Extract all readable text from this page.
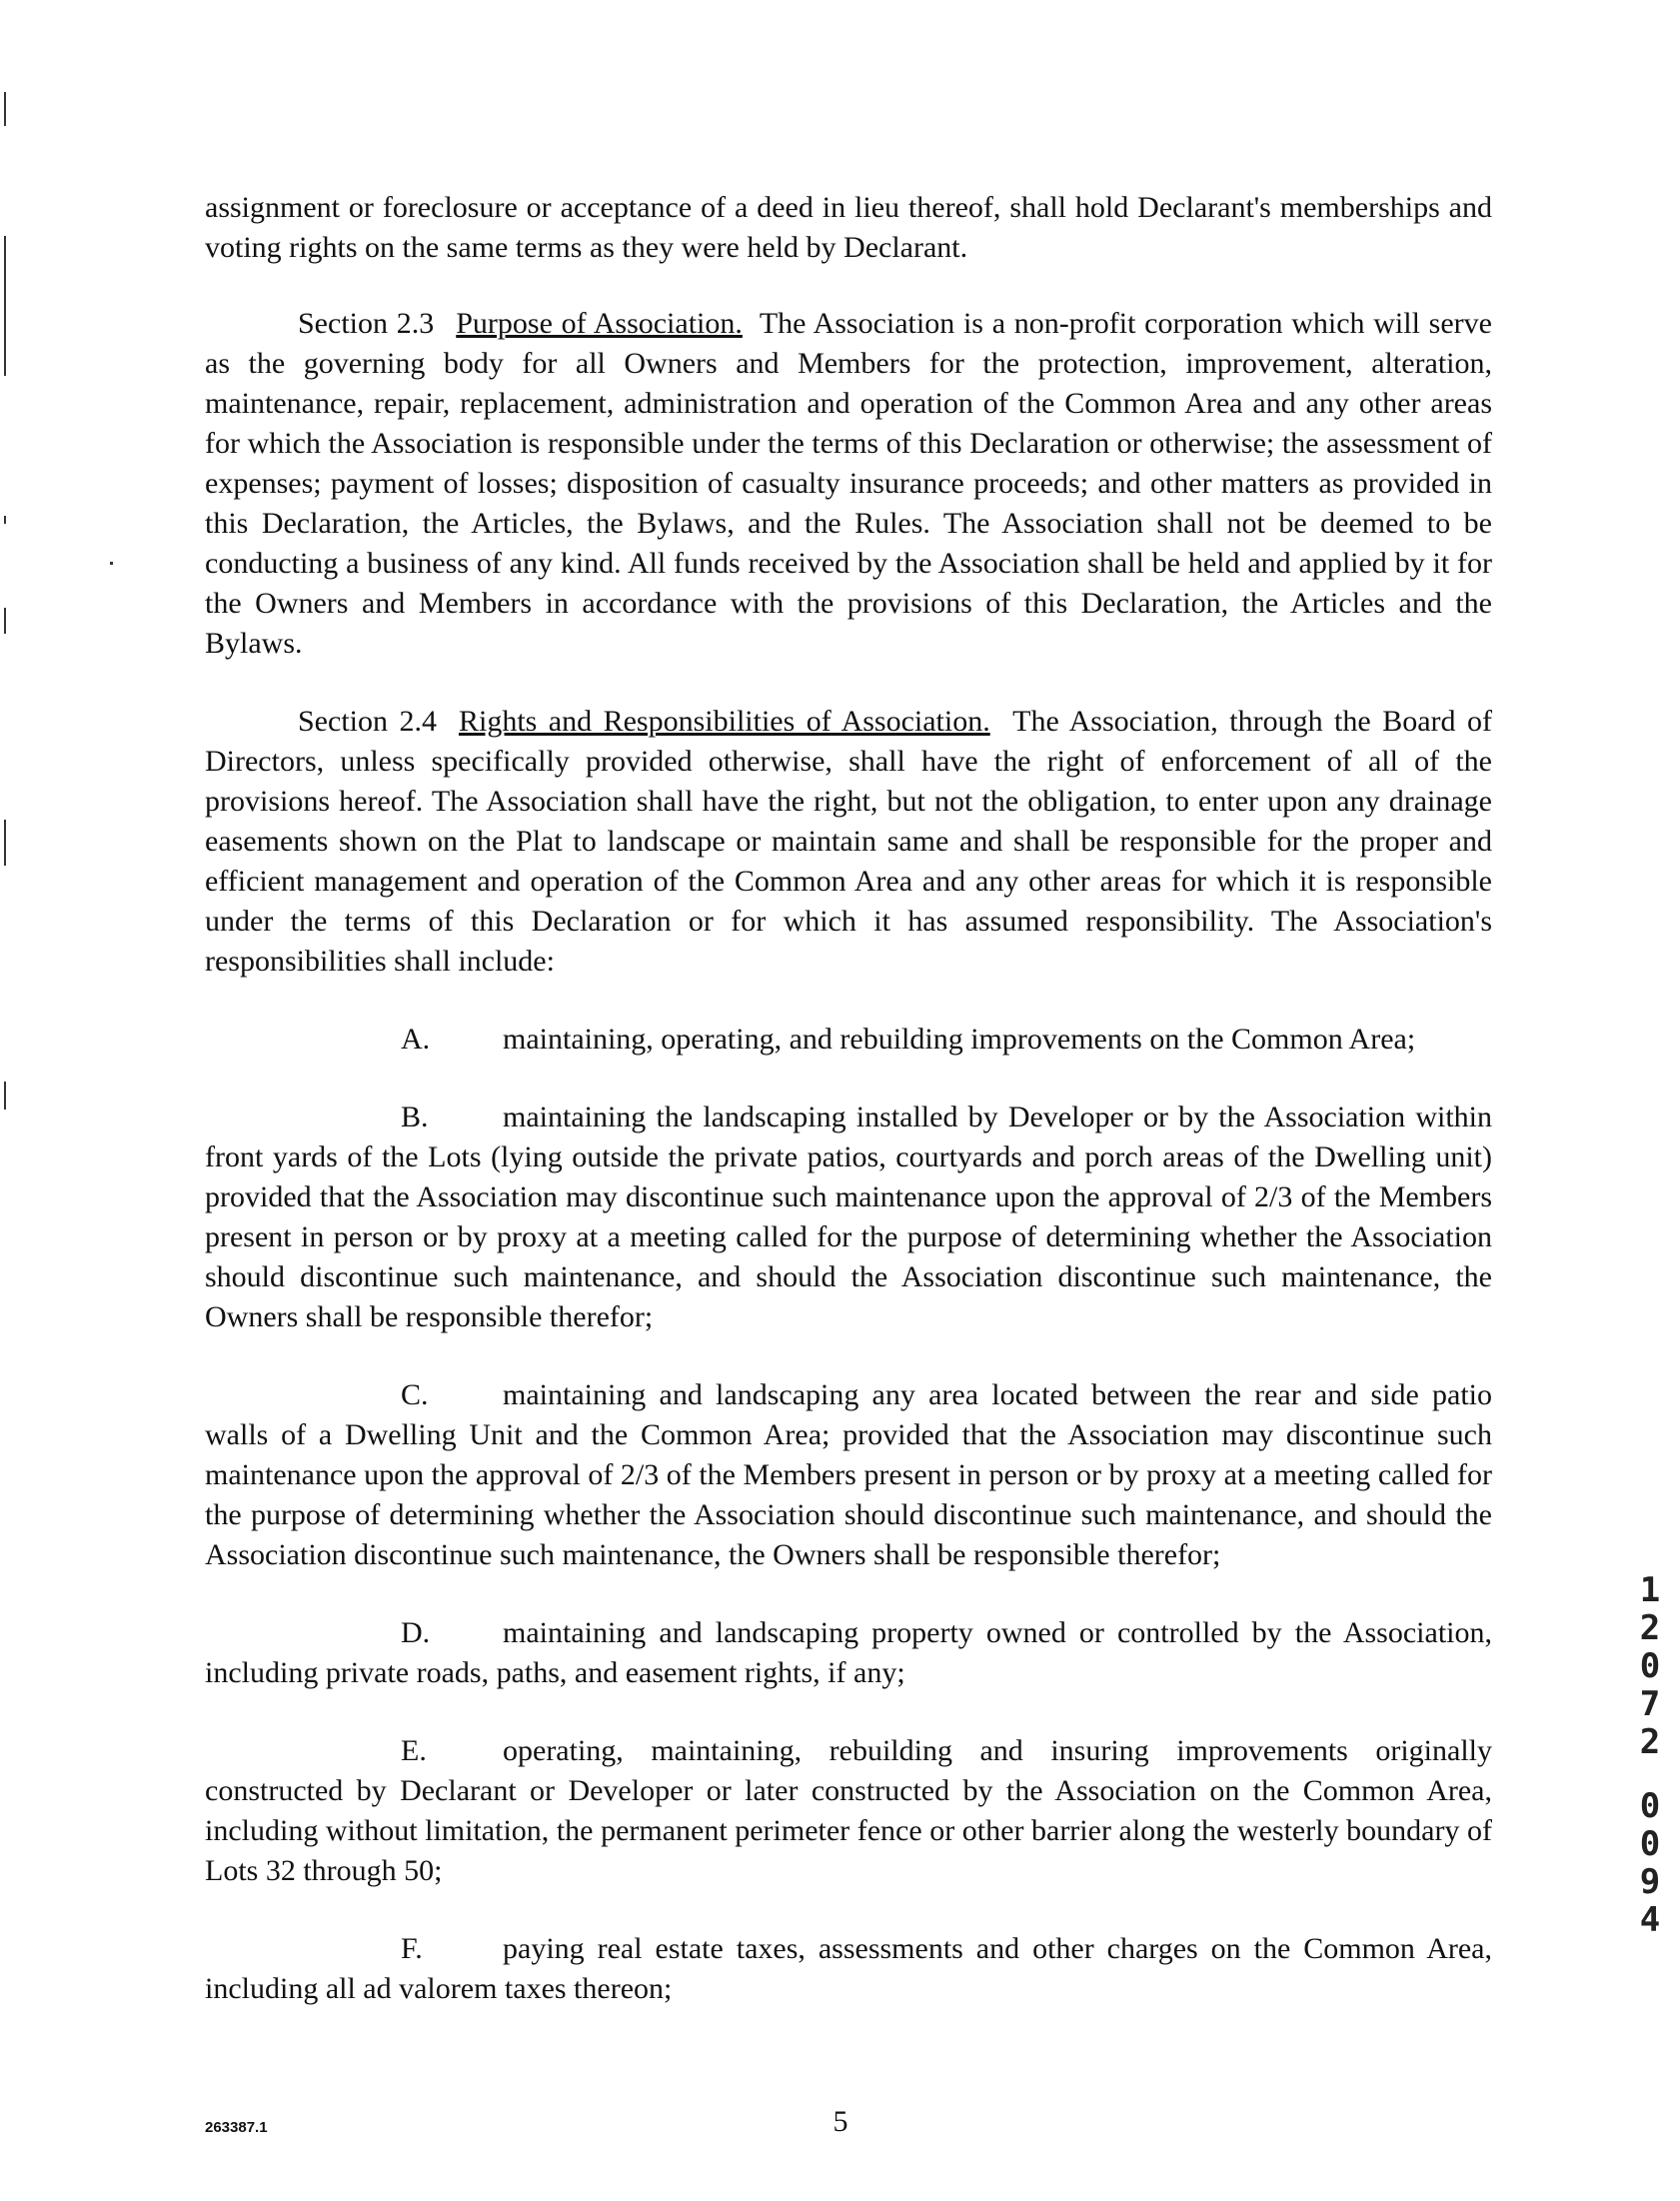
assignment or foreclosure or acceptance of a deed in lieu thereof, shall hold Declarant's memberships and voting rights on the same terms as they were held by Declarant.

Section 2.3 Purpose of Association. The Association is a non-profit corporation which will serve as the governing body for all Owners and Members for the protection, improvement, alteration, maintenance, repair, replacement, administration and operation of the Common Area and any other areas for which the Association is responsible under the terms of this Declaration or otherwise; the assessment of expenses; payment of losses; disposition of casualty insurance proceeds; and other matters as provided in this Declaration, the Articles, the Bylaws, and the Rules. The Association shall not be deemed to be conducting a business of any kind. All funds received by the Association shall be held and applied by it for the Owners and Members in accordance with the provisions of this Declaration, the Articles and the Bylaws.

Section 2.4 Rights and Responsibilities of Association. The Association, through the Board of Directors, unless specifically provided otherwise, shall have the right of enforcement of all of the provisions hereof. The Association shall have the right, but not the obligation, to enter upon any drainage easements shown on the Plat to landscape or maintain same and shall be responsible for the proper and efficient management and operation of the Common Area and any other areas for which it is responsible under the terms of this Declaration or for which it has assumed responsibility. The Association's responsibilities shall include:

A. maintaining, operating, and rebuilding improvements on the Common Area;

B. maintaining the landscaping installed by Developer or by the Association within front yards of the Lots (lying outside the private patios, courtyards and porch areas of the Dwelling unit) provided that the Association may discontinue such maintenance upon the approval of 2/3 of the Members present in person or by proxy at a meeting called for the purpose of determining whether the Association should discontinue such maintenance, and should the Association discontinue such maintenance, the Owners shall be responsible therefor;

C. maintaining and landscaping any area located between the rear and side patio walls of a Dwelling Unit and the Common Area; provided that the Association may discontinue such maintenance upon the approval of 2/3 of the Members present in person or by proxy at a meeting called for the purpose of determining whether the Association should discontinue such maintenance, and should the Association discontinue such maintenance, the Owners shall be responsible therefor;

D. maintaining and landscaping property owned or controlled by the Association, including private roads, paths, and easement rights, if any;

E.	operating, maintaining, rebuilding and insuring improvements originally constructed by Declarant or Developer or later constructed by the Association on the Common Area, including without limitation, the permanent perimeter fence or other barrier along the westerly boundary of Lots 32 through 50;

F.	paying real estate taxes, assessments and other charges on the Common Area, including all ad valorem taxes thereon;

1
2
0
7
2
0
0
9
4
263387.1	5
